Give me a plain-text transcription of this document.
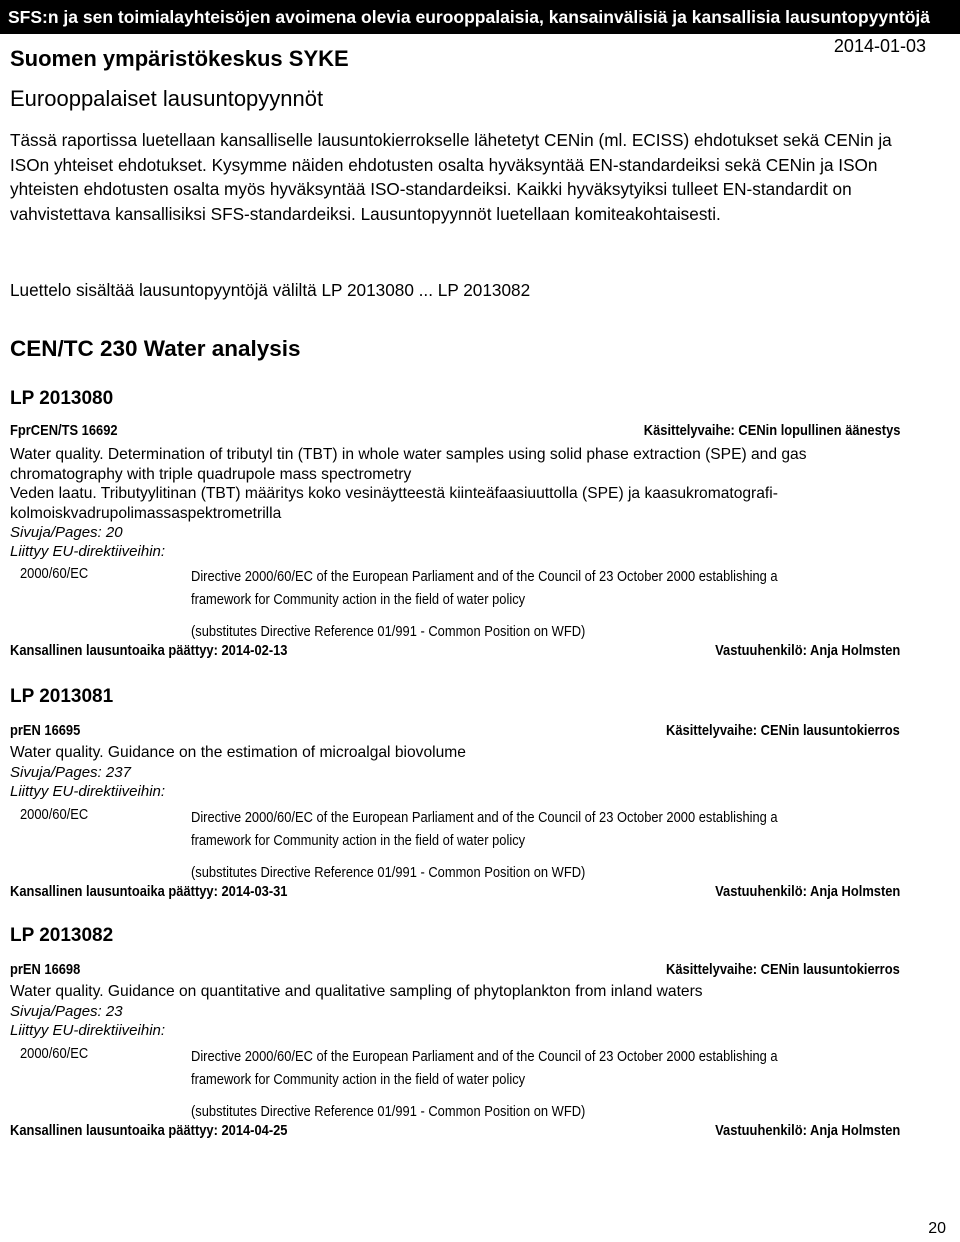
SFS:n ja sen toimialayhteisöjen avoimena olevia eurooppalaisia, kansainvälisiä ja kansallisia lausuntopyyntöjä
Suomen ympäristökeskus SYKE	2014-01-03
Eurooppalaiset lausuntopyynnöt
Tässä raportissa luetellaan kansalliselle lausuntokierrokselle lähetetyt CENin (ml. ECISS) ehdotukset sekä CENin ja ISOn yhteiset ehdotukset. Kysymme näiden ehdotusten osalta hyväksyntää EN-standardeiksi sekä CENin ja ISOn yhteisten ehdotusten osalta myös hyväksyntää ISO-standardeiksi. Kaikki hyväksytyiksi tulleet EN-standardit on vahvistettava kansallisiksi SFS-standardeiksi. Lausuntopyynnöt luetellaan komiteakohtaisesti.
Luettelo sisältää lausuntopyyntöjä väliltä LP 2013080 ... LP 2013082
CEN/TC 230 Water analysis
LP 2013080
FprCEN/TS 16692	Käsittelyvaihe: CENin lopullinen äänestys
Water quality. Determination of tributyl tin (TBT) in whole water samples using solid phase extraction (SPE) and gas chromatography with triple quadrupole mass spectrometry
Veden laatu. Tributyylitinan (TBT) määritys koko vesinäytteestä kiinteäfaasiuuttolla (SPE) ja kaasukromatografi-kolmoiskvadrupolimassaspektrometrilla
Sivuja/Pages: 20
Liittyy EU-direktiiveihin:
2000/60/EC	Directive 2000/60/EC of the European Parliament and of the Council of 23 October 2000 establishing a
framework for Community action in the field of water policy
(substitutes Directive Reference 01/991 - Common Position on WFD)
Kansallinen lausuntoaika päättyy: 2014-02-13	Vastuuhenkilö: Anja Holmsten
LP 2013081
prEN 16695	Käsittelyvaihe: CENin lausuntokierros
Water quality. Guidance on the estimation of microalgal biovolume
Sivuja/Pages: 237
Liittyy EU-direktiiveihin:
2000/60/EC	Directive 2000/60/EC of the European Parliament and of the Council of 23 October 2000 establishing a
framework for Community action in the field of water policy
(substitutes Directive Reference 01/991 - Common Position on WFD)
Kansallinen lausuntoaika päättyy: 2014-03-31	Vastuuhenkilö: Anja Holmsten
LP 2013082
prEN 16698	Käsittelyvaihe: CENin lausuntokierros
Water quality. Guidance on quantitative and qualitative sampling of phytoplankton from inland waters
Sivuja/Pages: 23
Liittyy EU-direktiiveihin:
2000/60/EC	Directive 2000/60/EC of the European Parliament and of the Council of 23 October 2000 establishing a
framework for Community action in the field of water policy
(substitutes Directive Reference 01/991 - Common Position on WFD)
Kansallinen lausuntoaika päättyy: 2014-04-25	Vastuuhenkilö: Anja Holmsten
20
